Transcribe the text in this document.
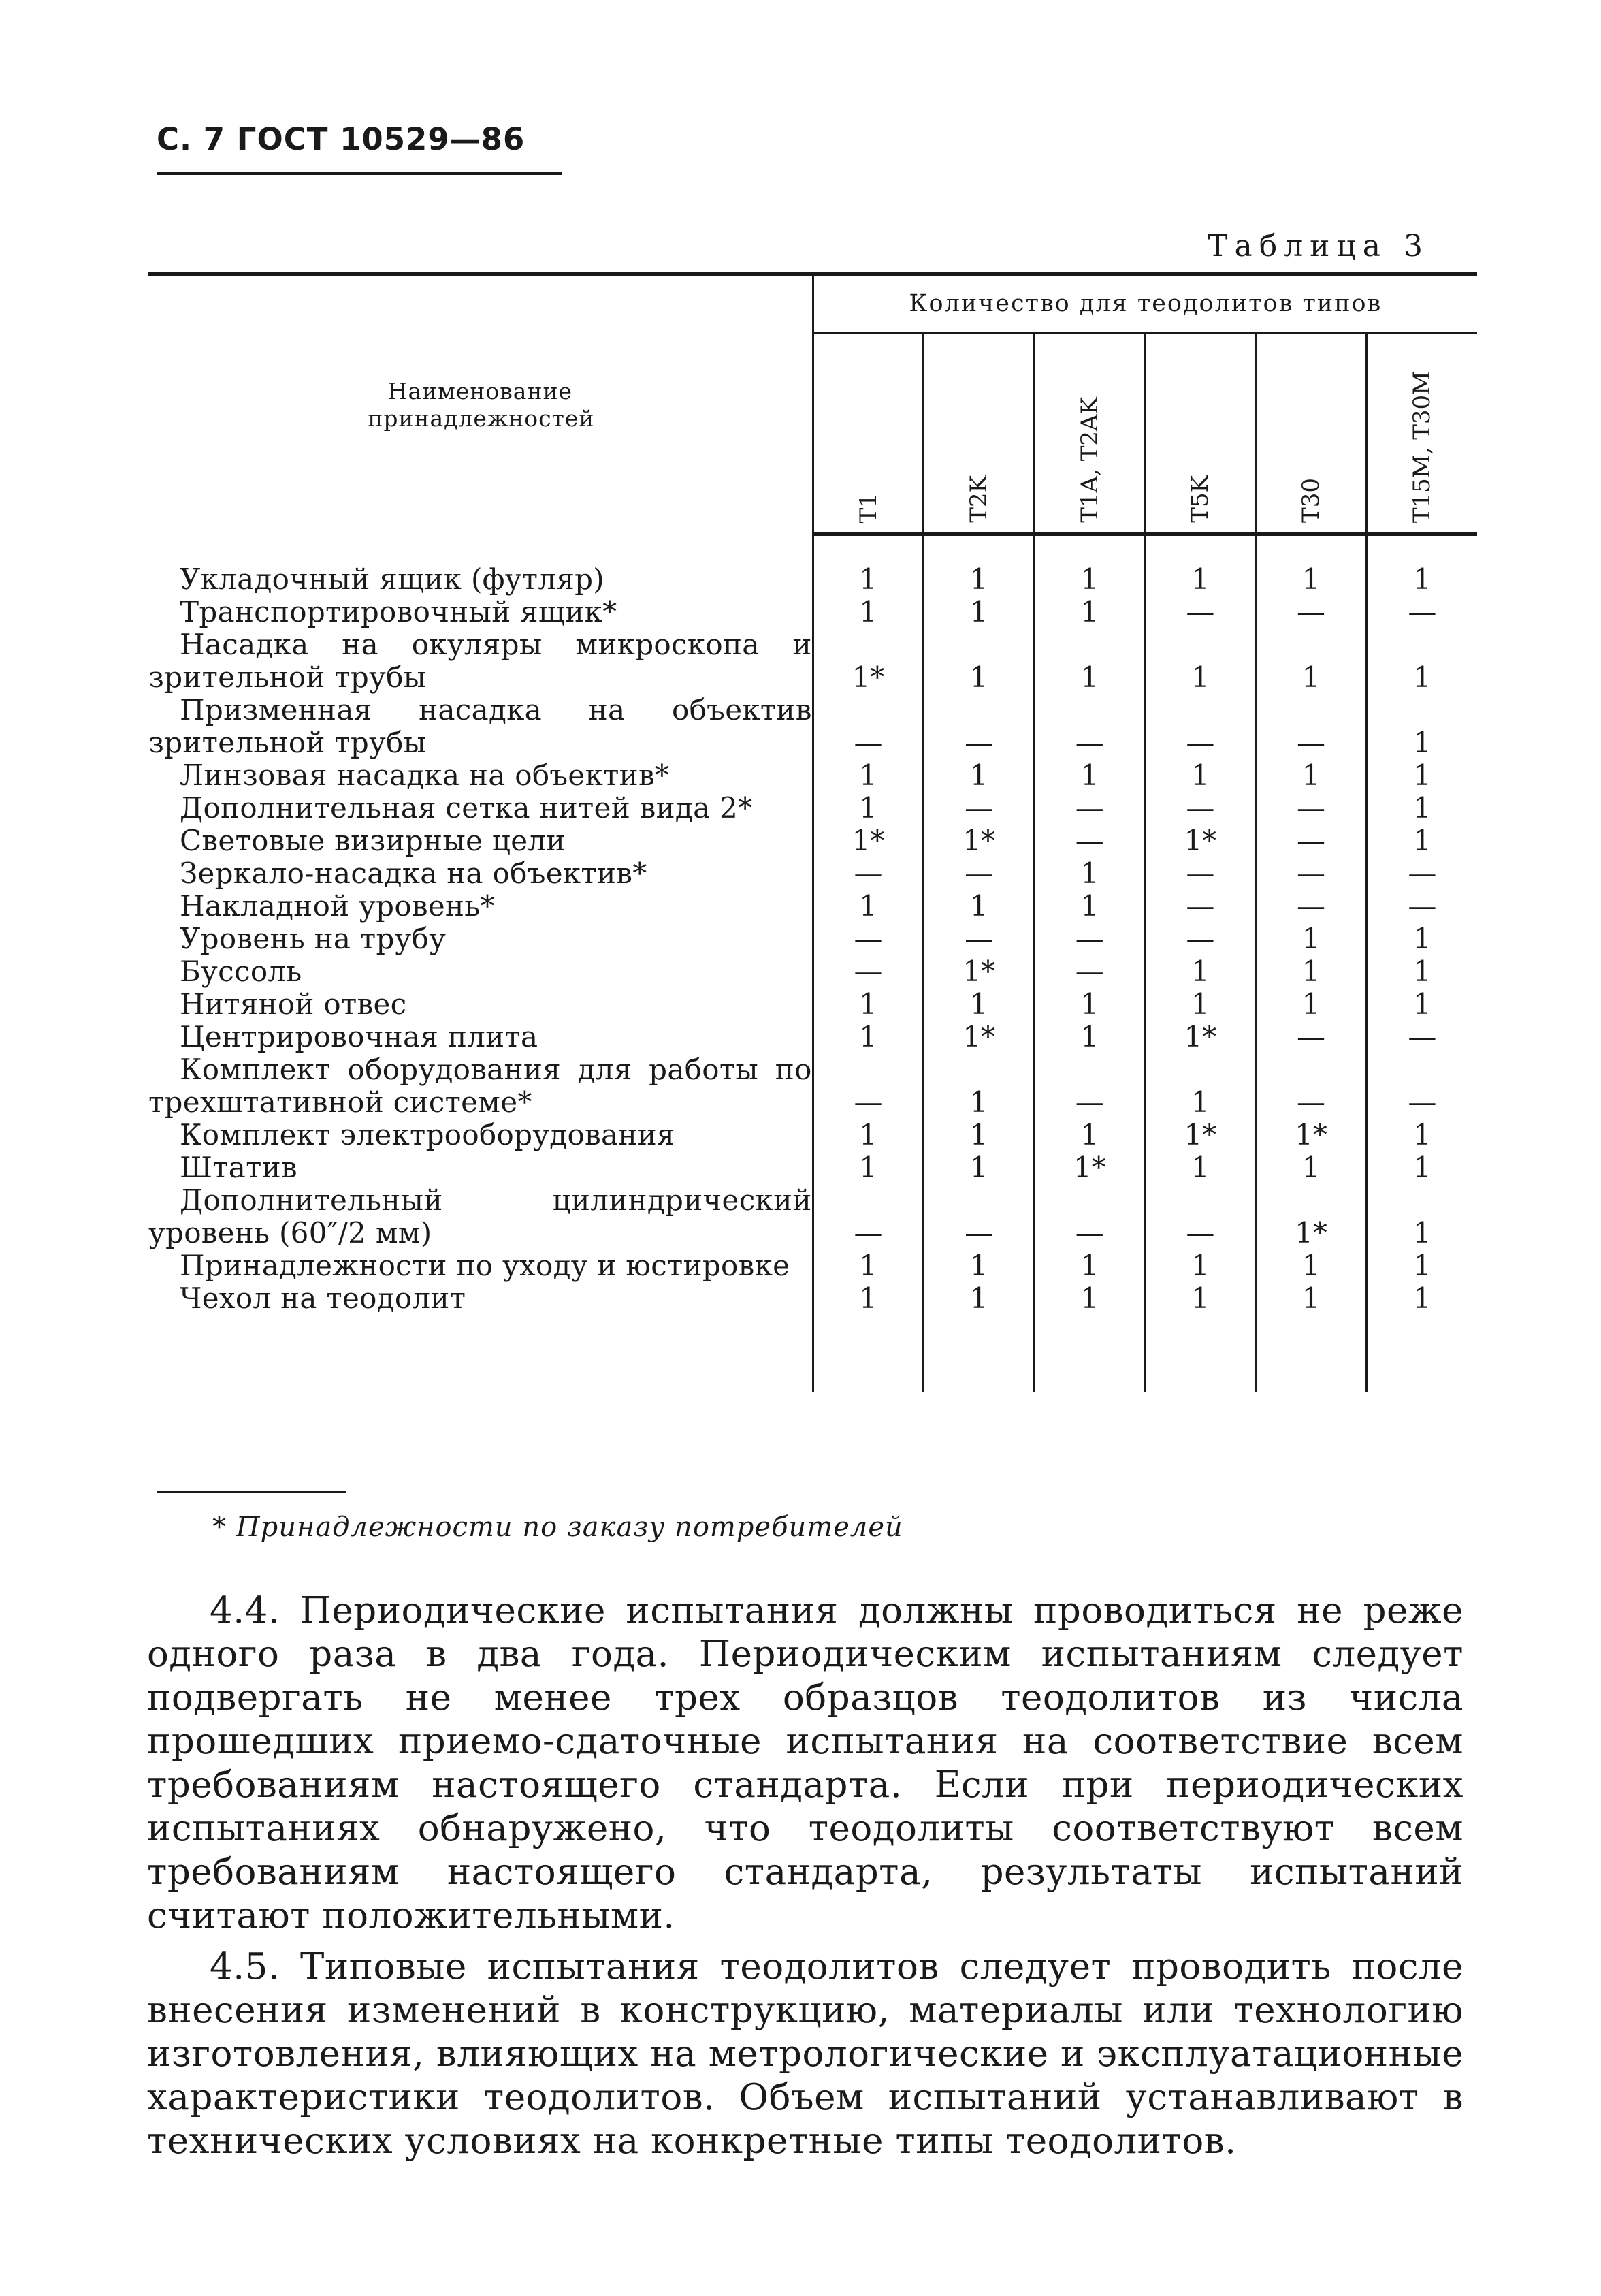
С. 7 ГОСТ 10529—86
Таблица 3
Наименование принадлежностей	Количество для теодолитов типов					

	T1	T2K	T1A, T2AK	T5K	T30	T15M, T30M

Укладочный ящик (футляр)	1	1	1	1	1	1

Транспортировочный ящик*	1	1	1	—	—	—

Насадка на окуляры микроскопа и зрительной трубы	1*	1	1	1	1	1

Призменная насадка на объектив зрительной трубы	—	—	—	—	—	1

Линзовая насадка на объектив*	1	1	1	1	1	1

Дополнительная сетка нитей вида 2*	1	—	—	—	—	1

Световые визирные цели	1*	1*	—	1*	—	1

Зеркало-насадка на объектив*	—	—	1	—	—	—

Накладной уровень*	1	1	1	—	—	—

Уровень на трубу	—	—	—	—	1	1

Буссоль	—	1*	—	1	1	1

Нитяной отвес	1	1	1	1	1	1

Центрировочная плита	1	1*	1	1*	—	—

Комплект оборудования для работы по трехштативной системе*	—	1	—	1	—	—

Комплект электрооборудования	1	1	1	1*	1*	1

Штатив	1	1	1*	1	1	1

Дополнительный цилиндрический уровень (60″/2 мм)	—	—	—	—	1*	1

Принадлежности по уходу и юстировке	1	1	1	1	1	1

Чехол на теодолит	1	1	1	1	1	1

* Принадлежности по заказу потребителей
4.4. Периодические испытания должны проводиться не реже одного раза в два года. Периодическим испытаниям следует подвергать не менее трех образцов теодолитов из числа прошедших приемо-сдаточные испытания на соответствие всем требованиям настоящего стандарта. Если при периодических испытаниях обнаружено, что теодолиты соответствуют всем требованиям настоящего стандарта, результаты испытаний считают положительными.
4.5. Типовые испытания теодолитов следует проводить после внесения изменений в конструкцию, материалы или технологию изготовления, влияющих на метрологические и эксплуатационные характеристики теодолитов. Объем испытаний устанавливают в технических условиях на конкретные типы теодолитов.
